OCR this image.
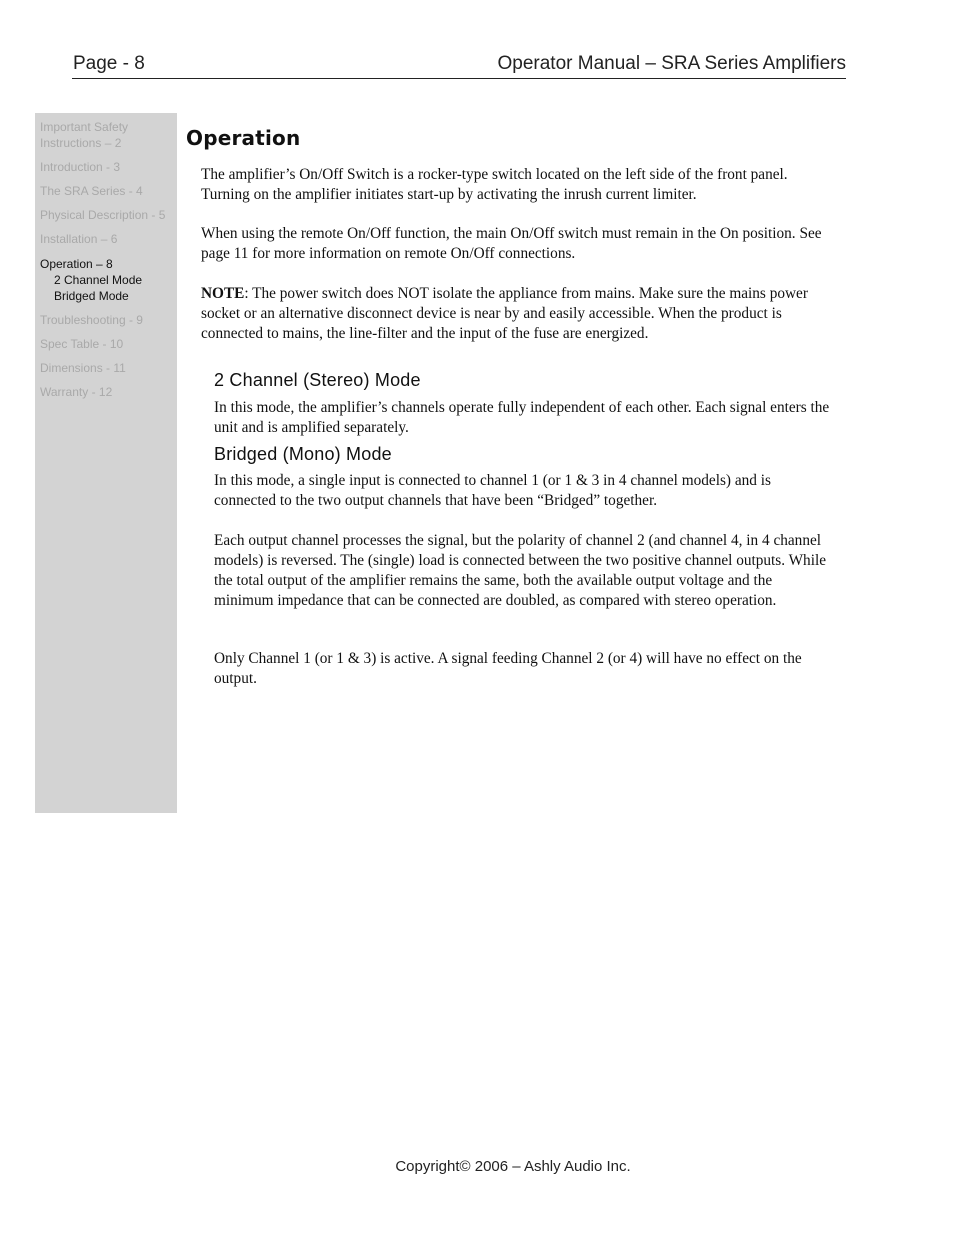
Page - 8	Operator Manual – SRA Series Amplifiers
Important Safety
Instructions – 2
Introduction - 3
The SRA Series - 4
Physical Description - 5
Installation – 6
Operation – 8
2 Channel Mode
Bridged Mode
Troubleshooting - 9
Spec Table - 10
Dimensions - 11
Warranty - 12
Operation

The amplifier’s On/Off Switch is a rocker-type switch located on the left side of the front panel. Turning on the amplifier initiates start-up by activating the inrush current limiter.

When using the remote On/Off function, the main On/Off switch must remain in the On position. See page 11 for more information on remote On/Off connections.

NOTE: The power switch does NOT isolate the appliance from mains. Make sure the mains power socket or an alternative disconnect device is near by and easily accessible. When the product is connected to mains, the line-filter and the input of the fuse are energized.

2 Channel (Stereo) Mode

In this mode, the amplifier’s channels operate fully independent of each other. Each signal enters the unit and is amplified separately.

Bridged (Mono) Mode

In this mode, a single input is connected to channel 1 (or 1 & 3 in 4 channel models) and is connected to the two output channels that have been “Bridged” together.

Each output channel processes the signal, but the polarity of channel 2 (and channel 4, in 4 channel models) is reversed. The (single) load is connected between the two positive channel outputs. While the total output of the amplifier remains the same, both the available output voltage and the minimum impedance that can be connected are doubled, as compared with stereo operation.

Only Channel 1 (or 1 & 3) is active. A signal feeding Channel 2 (or 4) will have no effect on the output.

Copyright© 2006 – Ashly Audio Inc.
